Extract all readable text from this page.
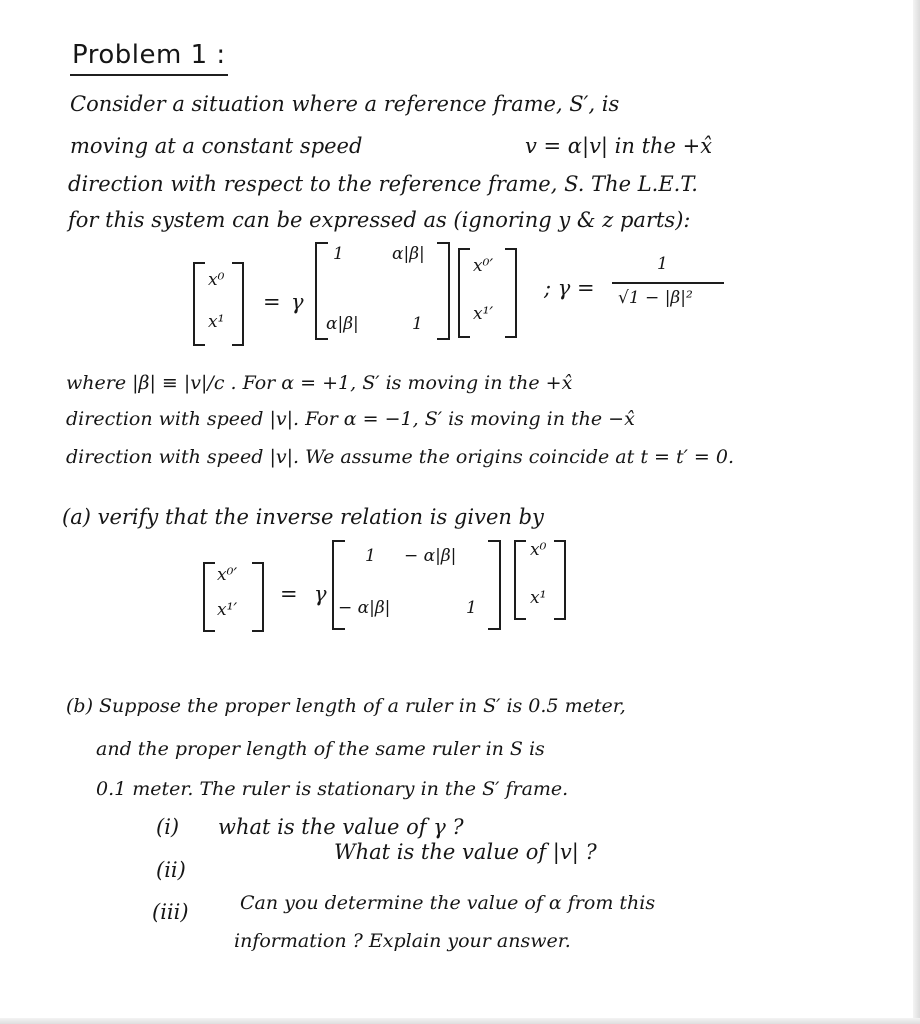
Problem 1 :
Consider a situation where a reference frame, S′, is
moving at a constant speed	v = α|v| in the +x̂
direction with respect to the reference frame, S. The L.E.T.
for this system can be expressed as (ignoring y & z parts):
x⁰
x¹
= γ
1	α|β|
α|β|	1
x⁰′
x¹′
; γ =
1
√1 − |β|²
where |β| ≡ |v|/c . For α = +1, S′ is moving in the +x̂
direction with speed |v|. For α = −1, S′ is moving in the −x̂
direction with speed |v|. We assume the origins coincide at t = t′ = 0.
(a) verify that the inverse relation is given by
x⁰′
x¹′
= γ
1 − α|β|
− α|β|	1
x⁰
x¹
(b) Suppose the proper length of a ruler in S′ is 0.5 meter,
and the proper length of the same ruler in S is
0.1 meter. The ruler is stationary in the S′ frame.
(i) what is the value of γ ?
(ii)
What is the value of |v| ?
(iii)	Can you determine the value of α from this
information ? Explain your answer.
